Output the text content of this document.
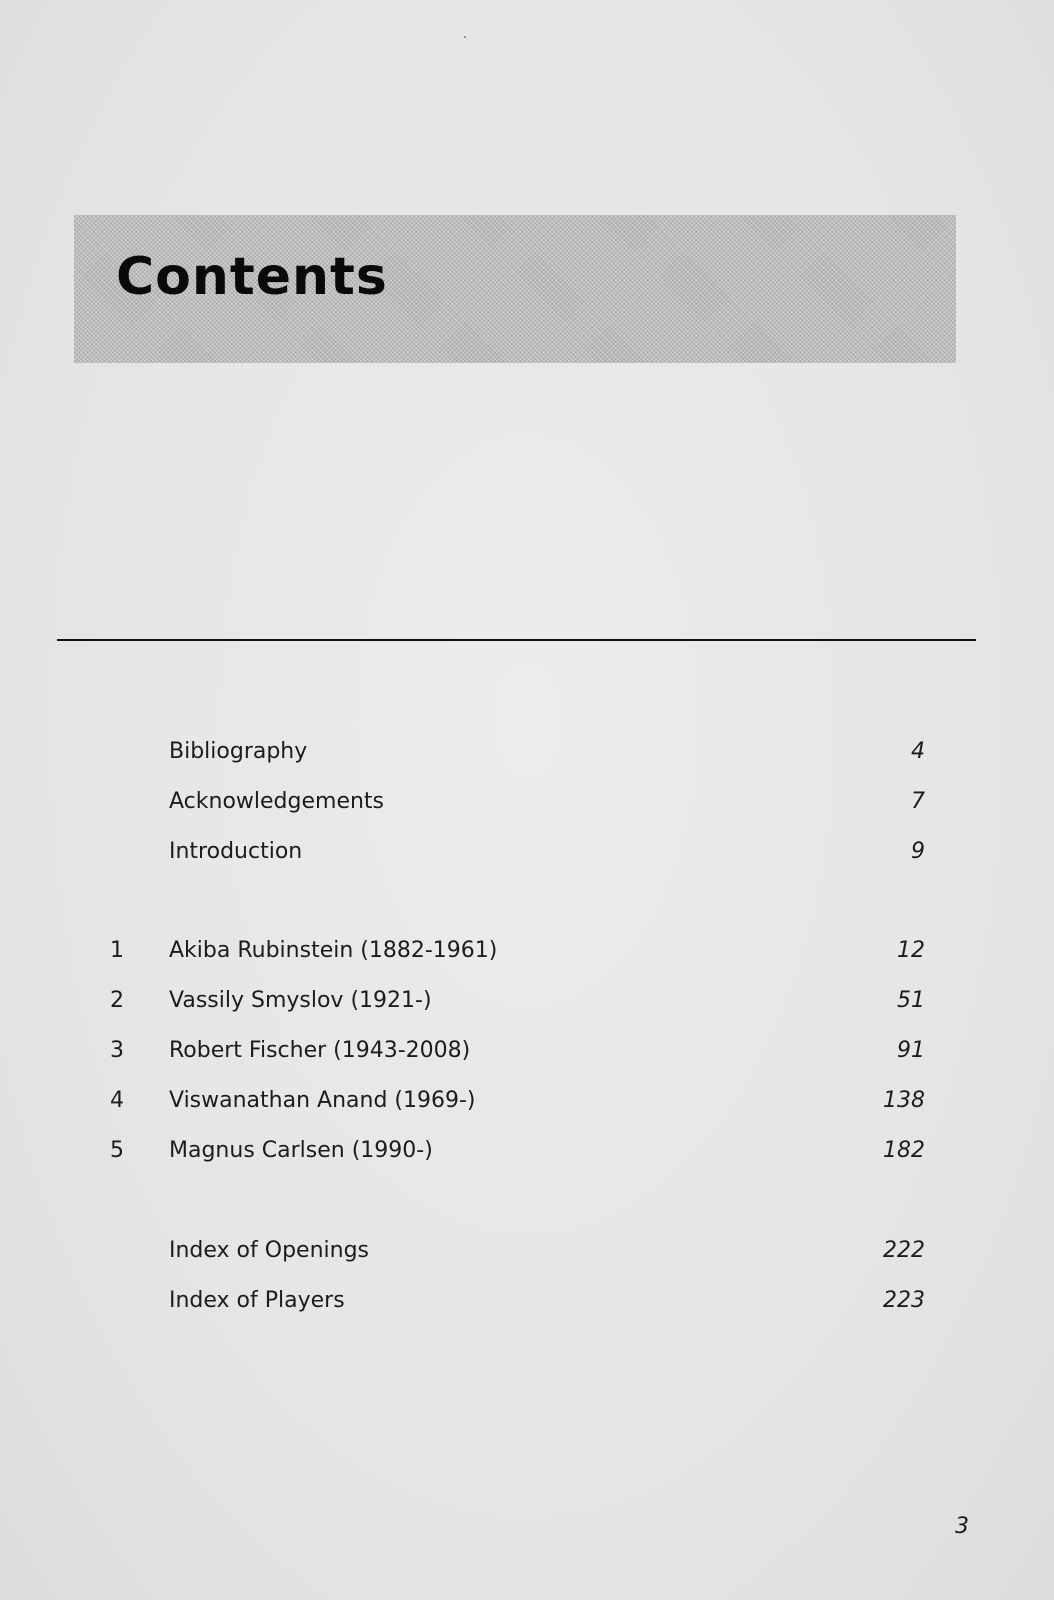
Contents
Bibliography	4
Acknowledgements	7
Introduction	9
1	Akiba Rubinstein (1882-1961)	12
2	Vassily Smyslov (1921-)	51
3	Robert Fischer (1943-2008)	91
4	Viswanathan Anand (1969-)	138
5	Magnus Carlsen (1990-)	182
Index of Openings	222
Index of Players	223
3
